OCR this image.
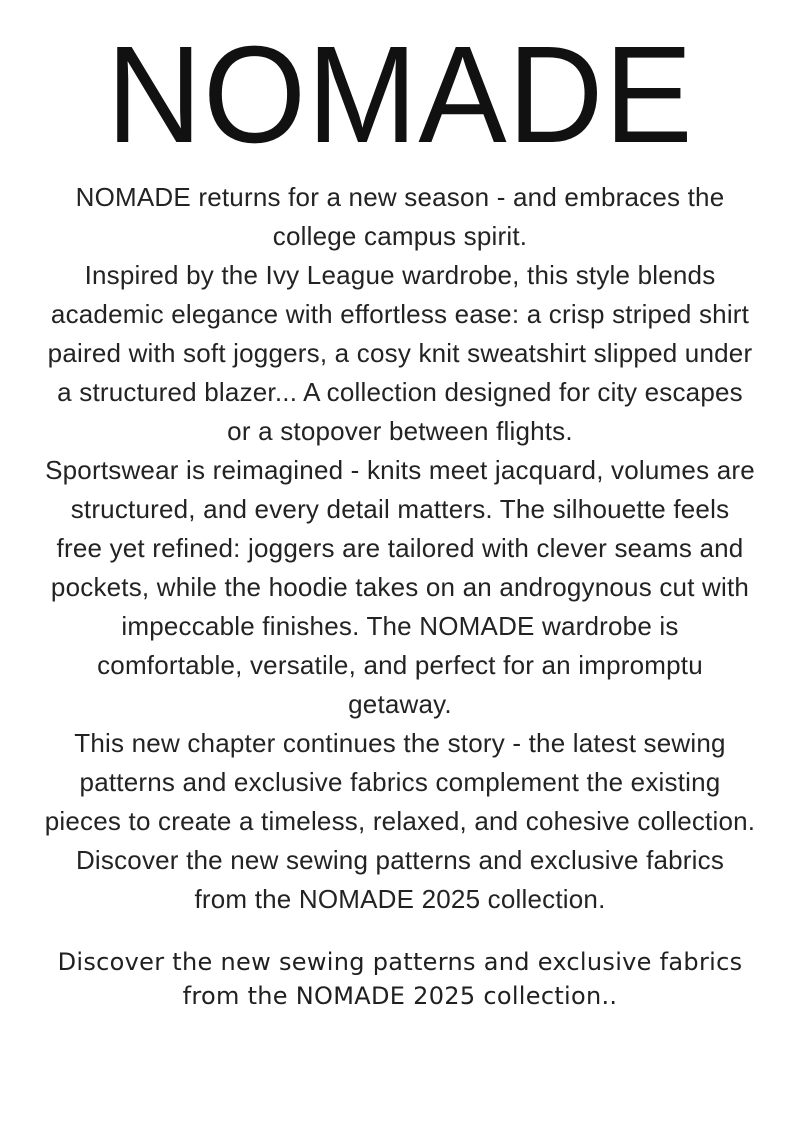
NOMADE
NOMADE returns for a new season - and embraces the
college campus spirit.
Inspired by the Ivy League wardrobe, this style blends
academic elegance with effortless ease: a crisp striped shirt
paired with soft joggers, a cosy knit sweatshirt slipped under
a structured blazer... A collection designed for city escapes
or a stopover between flights.
Sportswear is reimagined - knits meet jacquard, volumes are
structured, and every detail matters. The silhouette feels
free yet refined: joggers are tailored with clever seams and
pockets, while the hoodie takes on an androgynous cut with
impeccable finishes. The NOMADE wardrobe is
comfortable, versatile, and perfect for an impromptu
getaway.
This new chapter continues the story - the latest sewing
patterns and exclusive fabrics complement the existing
pieces to create a timeless, relaxed, and cohesive collection.
Discover the new sewing patterns and exclusive fabrics
from the NOMADE 2025 collection.
Discover the new sewing patterns and exclusive fabrics
from the NOMADE 2025 collection..
